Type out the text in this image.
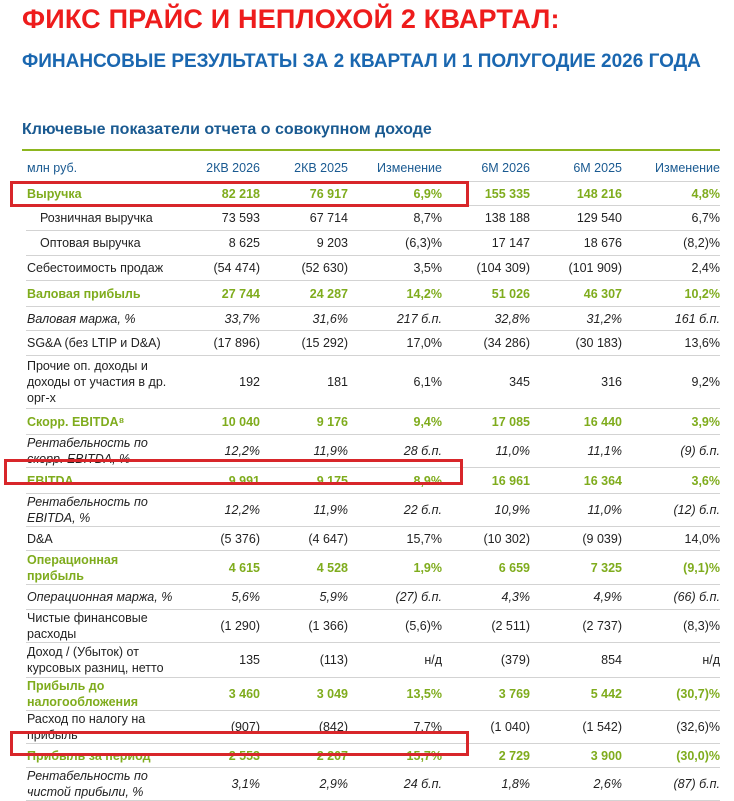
ФИКС ПРАЙС И НЕПЛОХОЙ 2 КВАРТАЛ:
ФИНАНСОВЫЕ РЕЗУЛЬТАТЫ ЗА 2 КВАРТАЛ И 1 ПОЛУГОДИЕ 2026 ГОДА
Ключевые показатели отчета о совокупном доходе
млн руб.	2КВ 2026	2КВ 2025	Изменение	6М 2026	6М 2025	Изменение
Выручка	82 218	76 917	6,9%	155 335	148 216	4,8%
Розничная выручка	73 593	67 714	8,7%	138 188	129 540	6,7%
Оптовая выручка	8 625	9 203	(6,3)%	17 147	18 676	(8,2)%
Себестоимость продаж	(54 474)	(52 630)	3,5%	(104 309)	(101 909)	2,4%
Валовая прибыль	27 744	24 287	14,2%	51 026	46 307	10,2%
Валовая маржа, %	33,7%	31,6%	217 б.п.	32,8%	31,2%	161 б.п.
SG&A (без LTIP и D&A)	(17 896)	(15 292)	17,0%	(34 286)	(30 183)	13,6%
Прочие оп. доходы и доходы от участия в др. орг-х	192	181	6,1%	345	316	9,2%
Скорр. EBITDA⁸	10 040	9 176	9,4%	17 085	16 440	3,9%
Рентабельность по скорр. EBITDA, %	12,2%	11,9%	28 б.п.	11,0%	11,1%	(9) б.п.
EBITDA	9 991	9 175	8,9%	16 961	16 364	3,6%
Рентабельность по EBITDA, %	12,2%	11,9%	22 б.п.	10,9%	11,0%	(12) б.п.
D&A	(5 376)	(4 647)	15,7%	(10 302)	(9 039)	14,0%
Операционная прибыль	4 615	4 528	1,9%	6 659	7 325	(9,1)%
Операционная маржа, %	5,6%	5,9%	(27) б.п.	4,3%	4,9%	(66) б.п.
Чистые финансовые расходы	(1 290)	(1 366)	(5,6)%	(2 511)	(2 737)	(8,3)%
Доход / (Убыток) от курсовых разниц, нетто	135	(113)	н/д	(379)	854	н/д
Прибыль до налогообложения	3 460	3 049	13,5%	3 769	5 442	(30,7)%
Расход по налогу на прибыль	(907)	(842)	7,7%	(1 040)	(1 542)	(32,6)%
Прибыль за период	2 553	2 207	15,7%	2 729	3 900	(30,0)%
Рентабельность по чистой прибыли, %	3,1%	2,9%	24 б.п.	1,8%	2,6%	(87) б.п.
